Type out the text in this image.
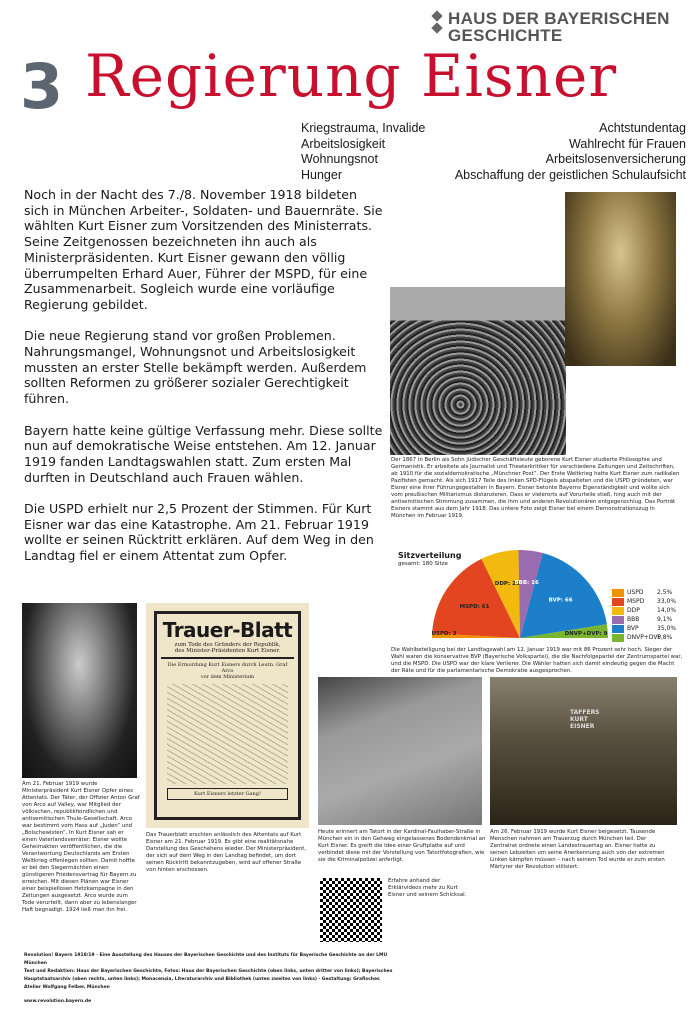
HAUS DER BAYERISCHEN
GESCHICHTE
3 Regierung Eisner
Kriegstrauma, Invalide
Arbeitslosigkeit
Wohnungsnot
Hunger
Achtstundentag
Wahlrecht für Frauen
Arbeitslosenversicherung
Abschaffung der geistlichen Schulaufsicht

Noch in der Nacht des 7./8. November 1918 bildeten sich in München Arbeiter-, Soldaten- und Bauernräte. Sie wählten Kurt Eisner zum Vorsitzenden des Ministerrats. Seine Zeitgenossen bezeichneten ihn auch als Ministerpräsidenten. Kurt Eisner gewann den völlig überrumpelten Erhard Auer, Führer der MSPD, für eine Zusammenarbeit. Sogleich wurde eine vorläufige Regierung gebildet.

Die neue Regierung stand vor großen Problemen. Nahrungsmangel, Wohnungsnot und Arbeitslosigkeit mussten an erster Stelle bekämpft werden. Außerdem sollten Reformen zu größerer sozialer Gerechtigkeit führen.

Bayern hatte keine gültige Verfassung mehr. Diese sollte nun auf demokratische Weise entstehen. Am 12. Januar 1919 fanden Landtagswahlen statt. Zum ersten Mal durften in Deutschland auch Frauen wählen.

Die USPD erhielt nur 2,5 Prozent der Stimmen. Für Kurt Eisner war das eine Katastrophe. Am 21. Februar 1919 wollte er seinen Rücktritt erklären. Auf dem Weg in den Landtag fiel er einem Attentat zum Opfer.

Der 1867 in Berlin als Sohn jüdischer Geschäftsleute geborene Kurt Eisner studierte Philosophie und Germanistik. Er arbeitete als Journalist und Theaterkritiker für verschiedene Zeitungen und Zeitschriften, ab 1910 für die sozialdemokratische „Münchner Post“. Der Erste Weltkrieg hatte Kurt Eisner zum radikalen Pazifisten gemacht. Als sich 1917 Teile des linken SPD-Flügels abspalteten und die USPD gründeten, war Eisner eine ihrer Führungsgestalten in Bayern. Eisner betonte Bayerns Eigenständigkeit und wollte sich vom preußischen Militarismus distanzieren. Dass er vielerorts auf Vorurteile stieß, hing auch mit der antisemitischen Stimmung zusammen, die ihm und anderen Revolutionären entgegenschlug. Das Porträt Eisners stammt aus dem Jahr 1918. Das untere Foto zeigt Eisner bei einem Demonstrationszug in München im Februar 1919.
Sitzverteilung
gesamt: 180 Sitze
USPD: 3
MSPD: 61
DDP: 25
BBB: 16
BVP: 66
DNVP+DVP: 9
USPD	2,5%
MSPD	33,0%
DDP	14,0%
BBB	9,1%
BVP	35,0%
DNVP+DVP
5,8%
Die Wahlbeteiligung bei der Landtagswahl am 12. Januar 1919 war mit 86 Prozent sehr hoch. Sieger der Wahl waren die konservative BVP (Bayerische Volkspartei), die die Nachfolgepartei der Zentrumspartei war, und die MSPD. Die USPD war der klare Verlierer. Die Wähler hatten sich damit eindeutig gegen die Macht der Räte und für die parlamentarische Demokratie ausgesprochen.
Am 21. Februar 1919 wurde Ministerpräsident Kurt Eisner Opfer eines Attentats. Der Täter, der Offizier Anton Graf von Arco auf Valley, war Mitglied der völkischen, republikfeindlichen und antisemitischen Thule-Gesellschaft. Arco war bestimmt vom Hass auf „Juden“ und „Bolschewisten“. In Kurt Eisner sah er einen Vaterlandsverräter: Eisner wollte Geheimakten veröffentlichen, die die Verantwortung Deutschlands am Ersten Weltkrieg offenlegen sollten. Damit hoffte er bei den Siegermächten einen günstigeren Friedensvertrag für Bayern zu erreichen. Mit diesen Plänen war Eisner einer beispiellosen Hetzkampagne in den Zeitungen ausgesetzt. Arco wurde zum Tode verurteilt, dann aber zu lebenslanger Haft begnadigt. 1924 ließ man ihn frei.
Trauer-Blatt
zum Tode des Gründers der Republik,
des Minister-Präsidenten Kurt Eisner.
Die Ermordung Kurt Eisners durch Leutn. Graf Arco
vor dem Ministerium
Kurt Eisners letzter Gang!
Das Trauerblatt erschien anlässlich des Attentats auf Kurt Eisner am 21. Februar 1919. Es gibt eine realitätsnahe Darstellung des Geschehens wieder. Der Ministerpräsident, der sich auf dem Weg in den Landtag befindet, um dort seinen Rücktritt bekanntzugeben, wird auf offener Straße von hinten erschossen.
Heute erinnert am Tatort in der Kardinal-Faulhaber-Straße in München ein in den Gehweg eingelassenes Bodendenkmal an Kurt Eisner. Es greift die Idee einer Gruftplatte auf und verbindet diese mit der Vorstellung von Tatortfotografien, wie sie die Kriminalpolizei anfertigt.
TAFFERS KURT EISNER
Am 26. Februar 1919 wurde Kurt Eisner beigesetzt. Tausende Menschen nahmen am Trauerzug durch München teil. Der Zentralrat ordnete einen Landestrauertag an. Eisner hatte zu seinen Lebzeiten um seine Anerkennung auch von der extremen Linken kämpfen müssen – nach seinem Tod wurde er zum ersten Märtyrer der Revolution stilisiert.
Erfahre anhand der Erklärvideos mehr zu Kurt Eisner und seinem Schicksal.
Revolution! Bayern 1918/19 · Eine Ausstellung des Hauses der Bayerischen Geschichte und des Instituts für Bayerische Geschichte an der LMU München
Text und Redaktion: Haus der Bayerischen Geschichte, Fotos: Haus der Bayerischen Geschichte (oben links, unten dritter von links); Bayerisches Hauptstaatsarchiv (oben rechts, unten links); Monacensia, Literaturarchiv und Bibliothek (unten zweites von links) · Gestaltung: Grafisches Atelier Wolfgang Felber, München
www.revolution.bayern.de
